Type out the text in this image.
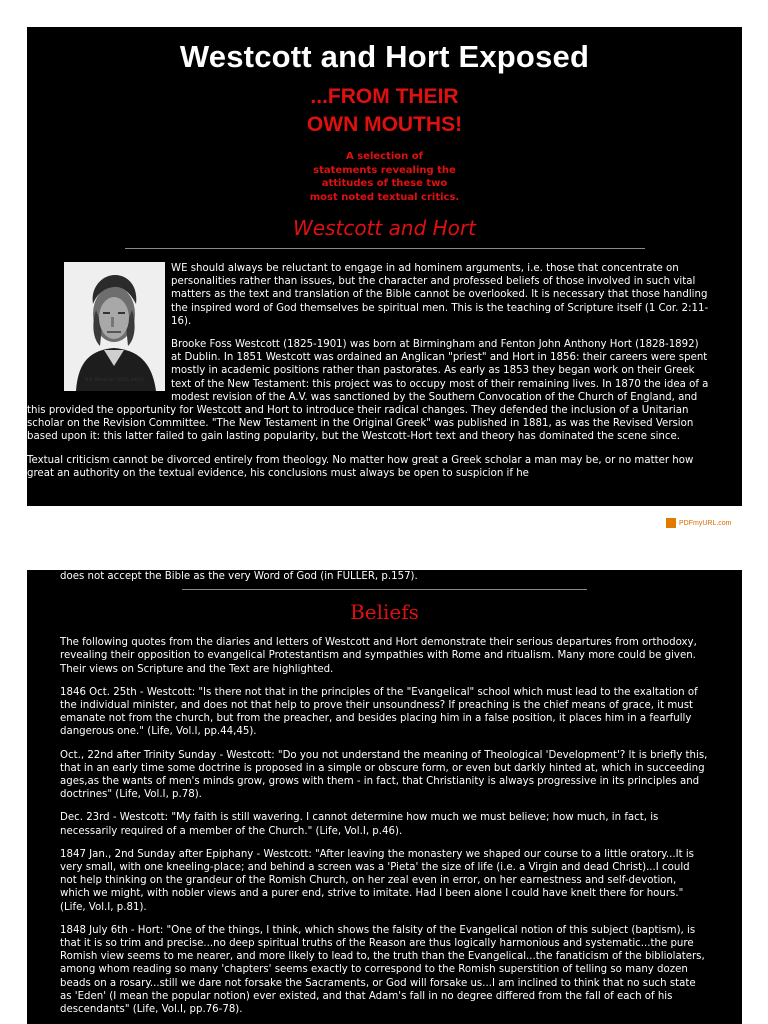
Westcott and Hort Exposed
...FROM THEIR
OWN MOUTHS!
A selection of
statements revealing the
attitudes of these two
most noted textual critics.
Westcott and Hort
B.F. Westcott (1825-1901)

WE should always be reluctant to engage in ad hominem arguments, i.e. those that concentrate on personalities rather than issues, but the character and professed beliefs of those involved in such vital matters as the text and translation of the Bible cannot be overlooked. It is necessary that those handling the inspired word of God themselves be spiritual men. This is the teaching of Scripture itself (1 Cor. 2:11-16).

Brooke Foss Westcott (1825-1901) was born at Birmingham and Fenton John Anthony Hort (1828-1892) at Dublin. In 1851 Westcott was ordained an Anglican "priest" and Hort in 1856: their careers were spent mostly in academic positions rather than pastorates. As early as 1853 they began work on their Greek text of the New Testament: this project was to occupy most of their remaining lives. In 1870 the idea of a modest revision of the A.V. was sanctioned by the Southern Convocation of the Church of England, and this provided the opportunity for Westcott and Hort to introduce their radical changes. They defended the inclusion of a Unitarian scholar on the Revision Committee. "The New Testament in the Original Greek" was published in 1881, as was the Revised Version based upon it: this latter failed to gain lasting popularity, but the Westcott-Hort text and theory has dominated the scene since.

Textual criticism cannot be divorced entirely from theology. No matter how great a Greek scholar a man may be, or no matter how great an authority on the textual evidence, his conclusions must always be open to suspicion if he

PDFmyURL.com

does not accept the Bible as the very Word of God (in FULLER, p.157).

Beliefs

The following quotes from the diaries and letters of Westcott and Hort demonstrate their serious departures from orthodoxy, revealing their opposition to evangelical Protestantism and sympathies with Rome and ritualism. Many more could be given. Their views on Scripture and the Text are highlighted.

1846 Oct. 25th - Westcott: "Is there not that in the principles of the "Evangelical" school which must lead to the exaltation of the individual minister, and does not that help to prove their unsoundness? If preaching is the chief means of grace, it must emanate not from the church, but from the preacher, and besides placing him in a false position, it places him in a fearfully dangerous one." (Life, Vol.I, pp.44,45).

Oct., 22nd after Trinity Sunday - Westcott: "Do you not understand the meaning of Theological 'Development'? It is briefly this, that in an early time some doctrine is proposed in a simple or obscure form, or even but darkly hinted at, which in succeeding ages,as the wants of men's minds grow, grows with them - in fact, that Christianity is always progressive in its principles and doctrines" (Life, Vol.I, p.78).

Dec. 23rd - Westcott: "My faith is still wavering. I cannot determine how much we must believe; how much, in fact, is necessarily required of a member of the Church." (Life, Vol.I, p.46).

1847 Jan., 2nd Sunday after Epiphany - Westcott: "After leaving the monastery we shaped our course to a little oratory...It is very small, with one kneeling-place; and behind a screen was a 'Pieta' the size of life (i.e. a Virgin and dead Christ)...I could not help thinking on the grandeur of the Romish Church, on her zeal even in error, on her earnestness and self-devotion, which we might, with nobler views and a purer end, strive to imitate. Had I been alone I could have knelt there for hours." (Life, Vol.I, p.81).

1848 July 6th - Hort: "One of the things, I think, which shows the falsity of the Evangelical notion of this subject (baptism), is that it is so trim and precise...no deep spiritual truths of the Reason are thus logically harmonious and systematic...the pure Romish view seems to me nearer, and more likely to lead to, the truth than the Evangelical...the fanaticism of the bibliolaters, among whom reading so many 'chapters' seems exactly to correspond to the Romish superstition of telling so many dozen beads on a rosary...still we dare not forsake the Sacraments, or God will forsake us...I am inclined to think that no such state as 'Eden' (I mean the popular notion) ever existed, and that Adam's fall in no degree differed from the fall of each of his descendants" (Life, Vol.I, pp.76-78).
